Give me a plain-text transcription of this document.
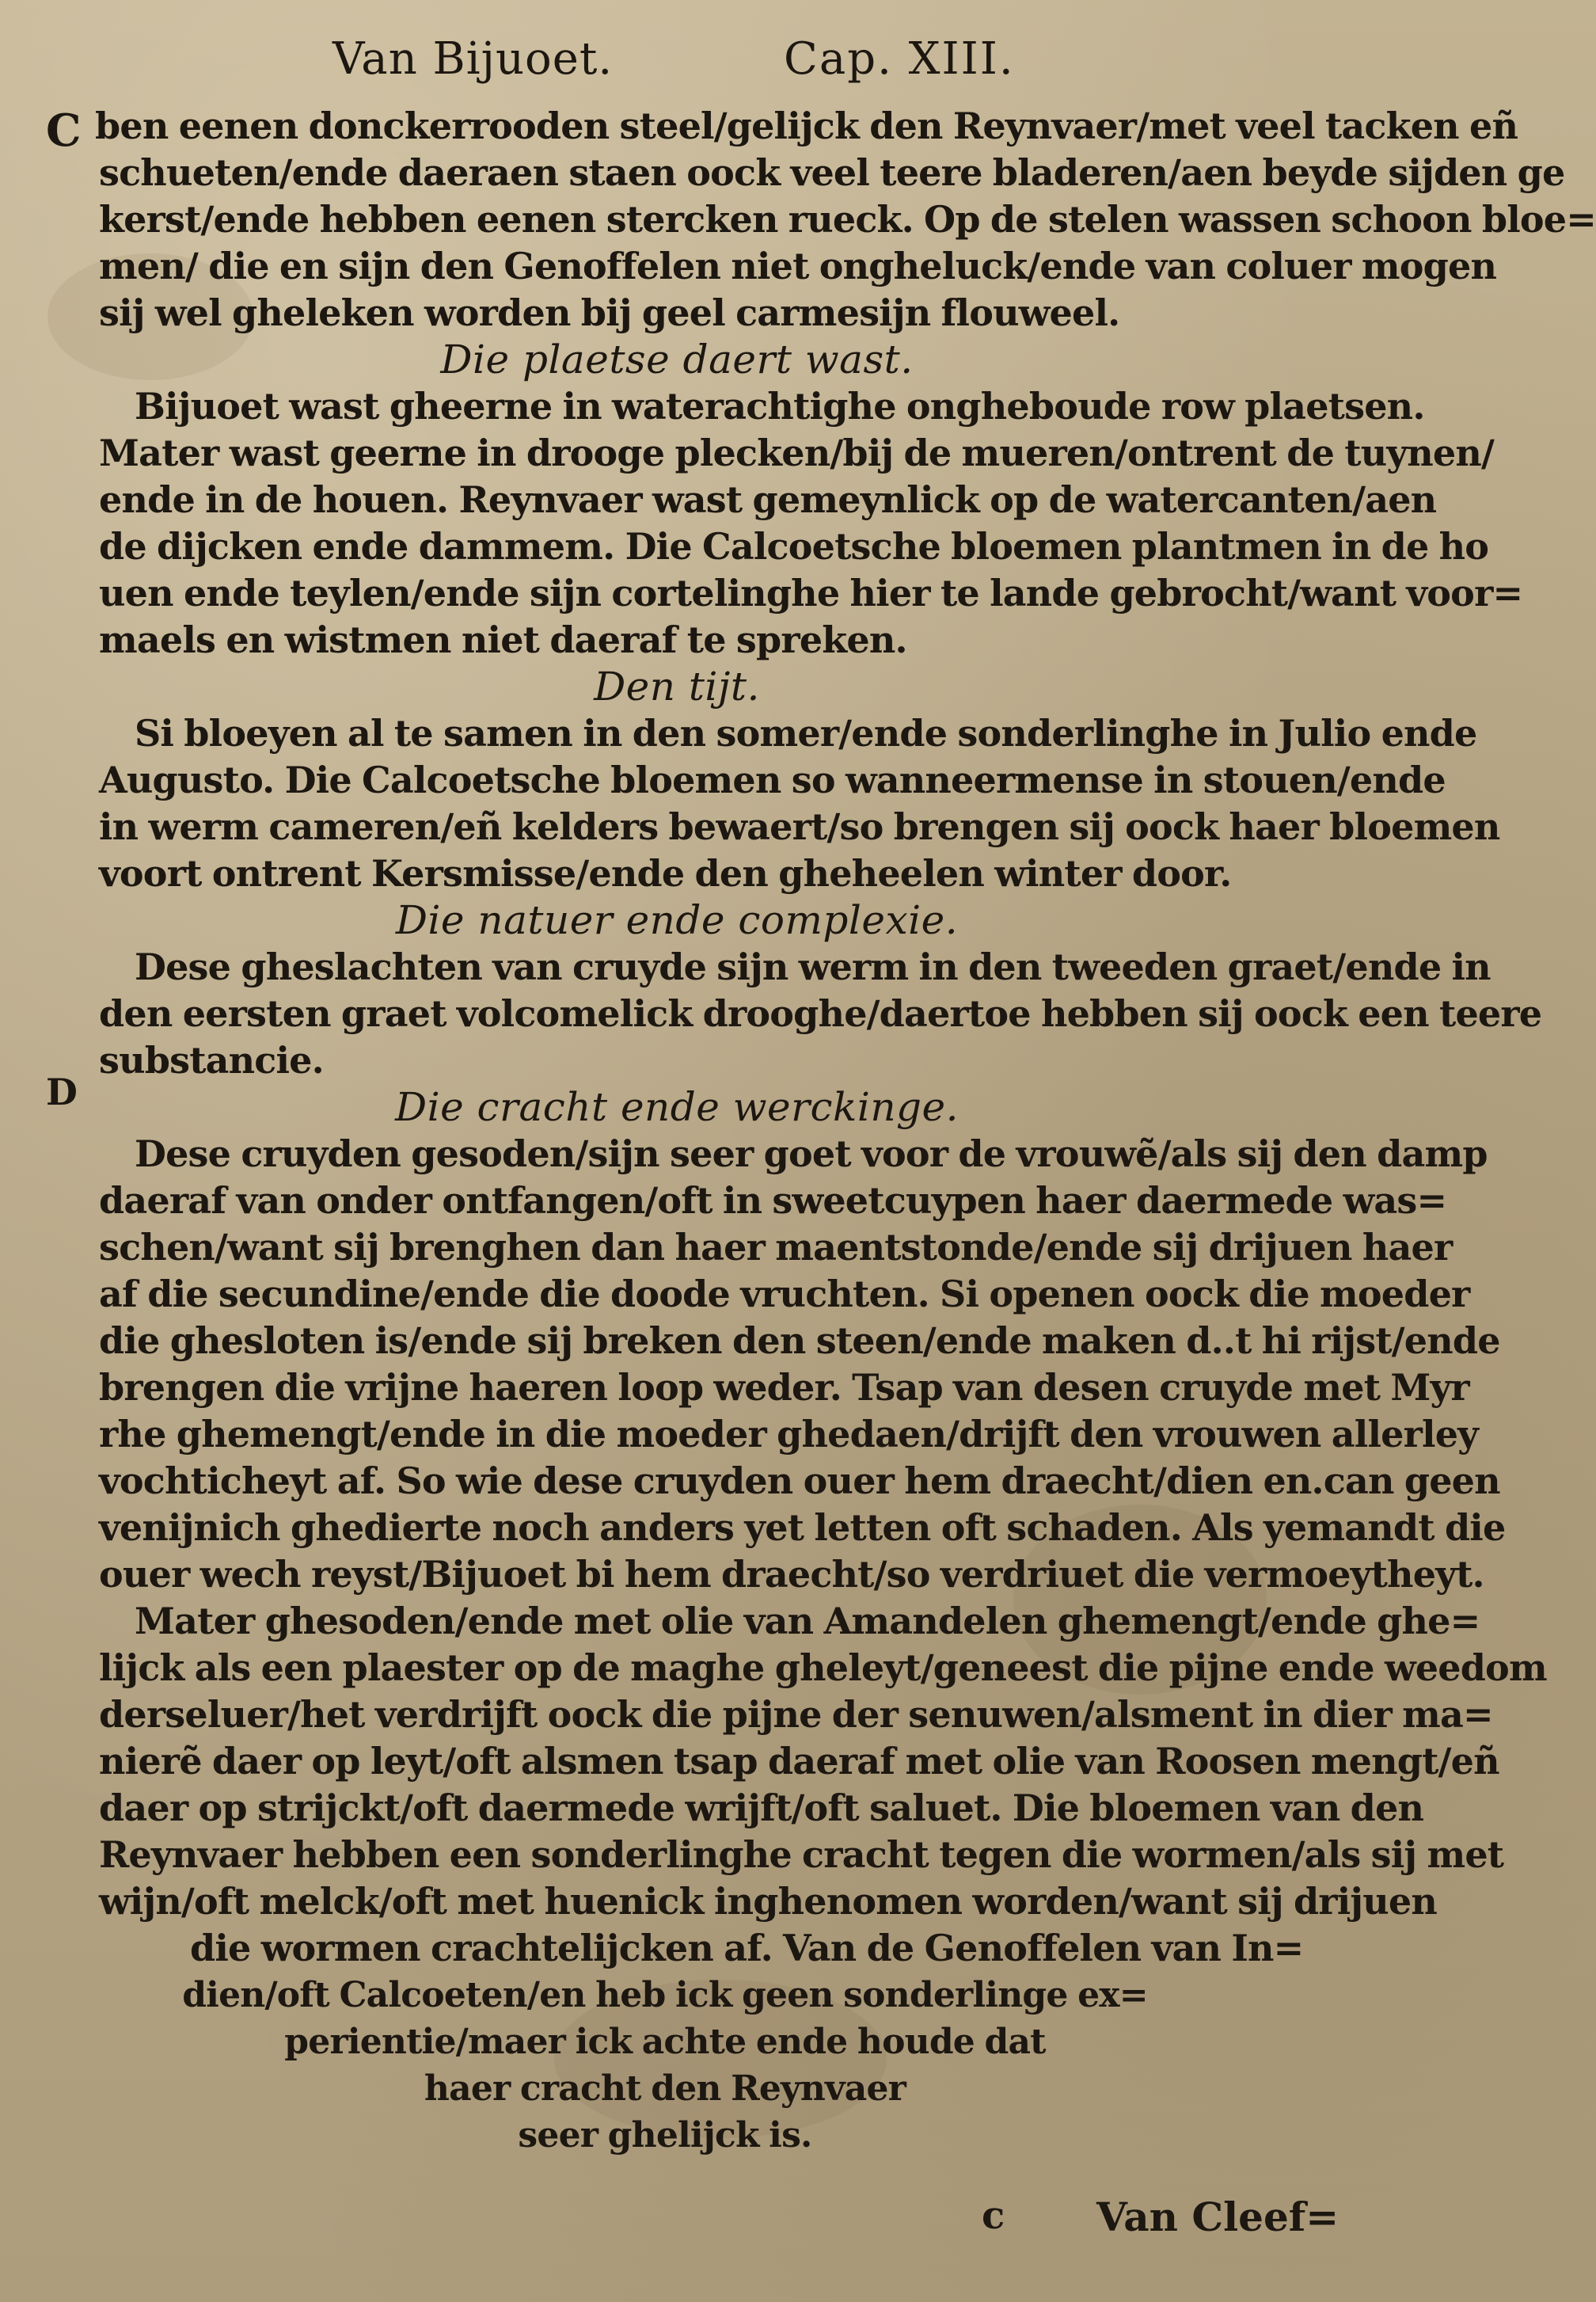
Van Bijuoet.	Cap. XIII.
C
D
ben eenen donckerrooden steel/gelijck den Reynvaer/met veel tacken eñ
schueten/ende daeraen staen oock veel teere bladeren/aen beyde sijden ge
kerst/ende hebben eenen stercken rueck. Op de stelen wassen schoon bloe=
men/ die en sijn den Genoffelen niet ongheluck/ende van coluer mogen
sij wel gheleken worden bij geel carmesijn flouweel.
Die plaetse daert wast.
Bijuoet wast gheerne in waterachtighe ongheboude row plaetsen.
Mater wast geerne in drooge plecken/bij de mueren/ontrent de tuynen/
ende in de houen. Reynvaer wast gemeynlick op de watercanten/aen
de dijcken ende dammem. Die Calcoetsche bloemen plantmen in de ho
uen ende teylen/ende sijn cortelinghe hier te lande gebrocht/want voor=
maels en wistmen niet daeraf te spreken.
Den tijt.
Si bloeyen al te samen in den somer/ende sonderlinghe in Julio ende
Augusto. Die Calcoetsche bloemen so wanneermense in stouen/ende
in werm cameren/eñ kelders bewaert/so brengen sij oock haer bloemen
voort ontrent Kersmisse/ende den gheheelen winter door.
Die natuer ende complexie.
Dese gheslachten van cruyde sijn werm in den tweeden graet/ende in
den eersten graet volcomelick drooghe/daertoe hebben sij oock een teere
substancie.
Die cracht ende werckinge.
Dese cruyden gesoden/sijn seer goet voor de vrouwẽ/als sij den damp
daeraf van onder ontfangen/oft in sweetcuypen haer daermede was=
schen/want sij brenghen dan haer maentstonde/ende sij drijuen haer
af die secundine/ende die doode vruchten. Si openen oock die moeder
die ghesloten is/ende sij breken den steen/ende maken d..t hi rijst/ende
brengen die vrijne haeren loop weder. Tsap van desen cruyde met Myr
rhe ghemengt/ende in die moeder ghedaen/drijft den vrouwen allerley
vochticheyt af. So wie dese cruyden ouer hem draecht/dien en.can geen
venijnich ghedierte noch anders yet letten oft schaden. Als yemandt die
ouer wech reyst/Bijuoet bi hem draecht/so verdriuet die vermoeytheyt.
Mater ghesoden/ende met olie van Amandelen ghemengt/ende ghe=
lijck als een plaester op de maghe gheleyt/geneest die pijne ende weedom
derseluer/het verdrijft oock die pijne der senuwen/alsment in dier ma=
nierẽ daer op leyt/oft alsmen tsap daeraf met olie van Roosen mengt/eñ
daer op strijckt/oft daermede wrijft/oft saluet. Die bloemen van den
Reynvaer hebben een sonderlinghe cracht tegen die wormen/als sij met
wijn/oft melck/oft met huenick inghenomen worden/want sij drijuen
die wormen crachtelijcken af. Van de Genoffelen van In=
dien/oft Calcoeten/en heb ick geen sonderlinge ex=
perientie/maer ick achte ende houde dat
haer cracht den Reynvaer
seer ghelijck is.
c Van Cleef=
